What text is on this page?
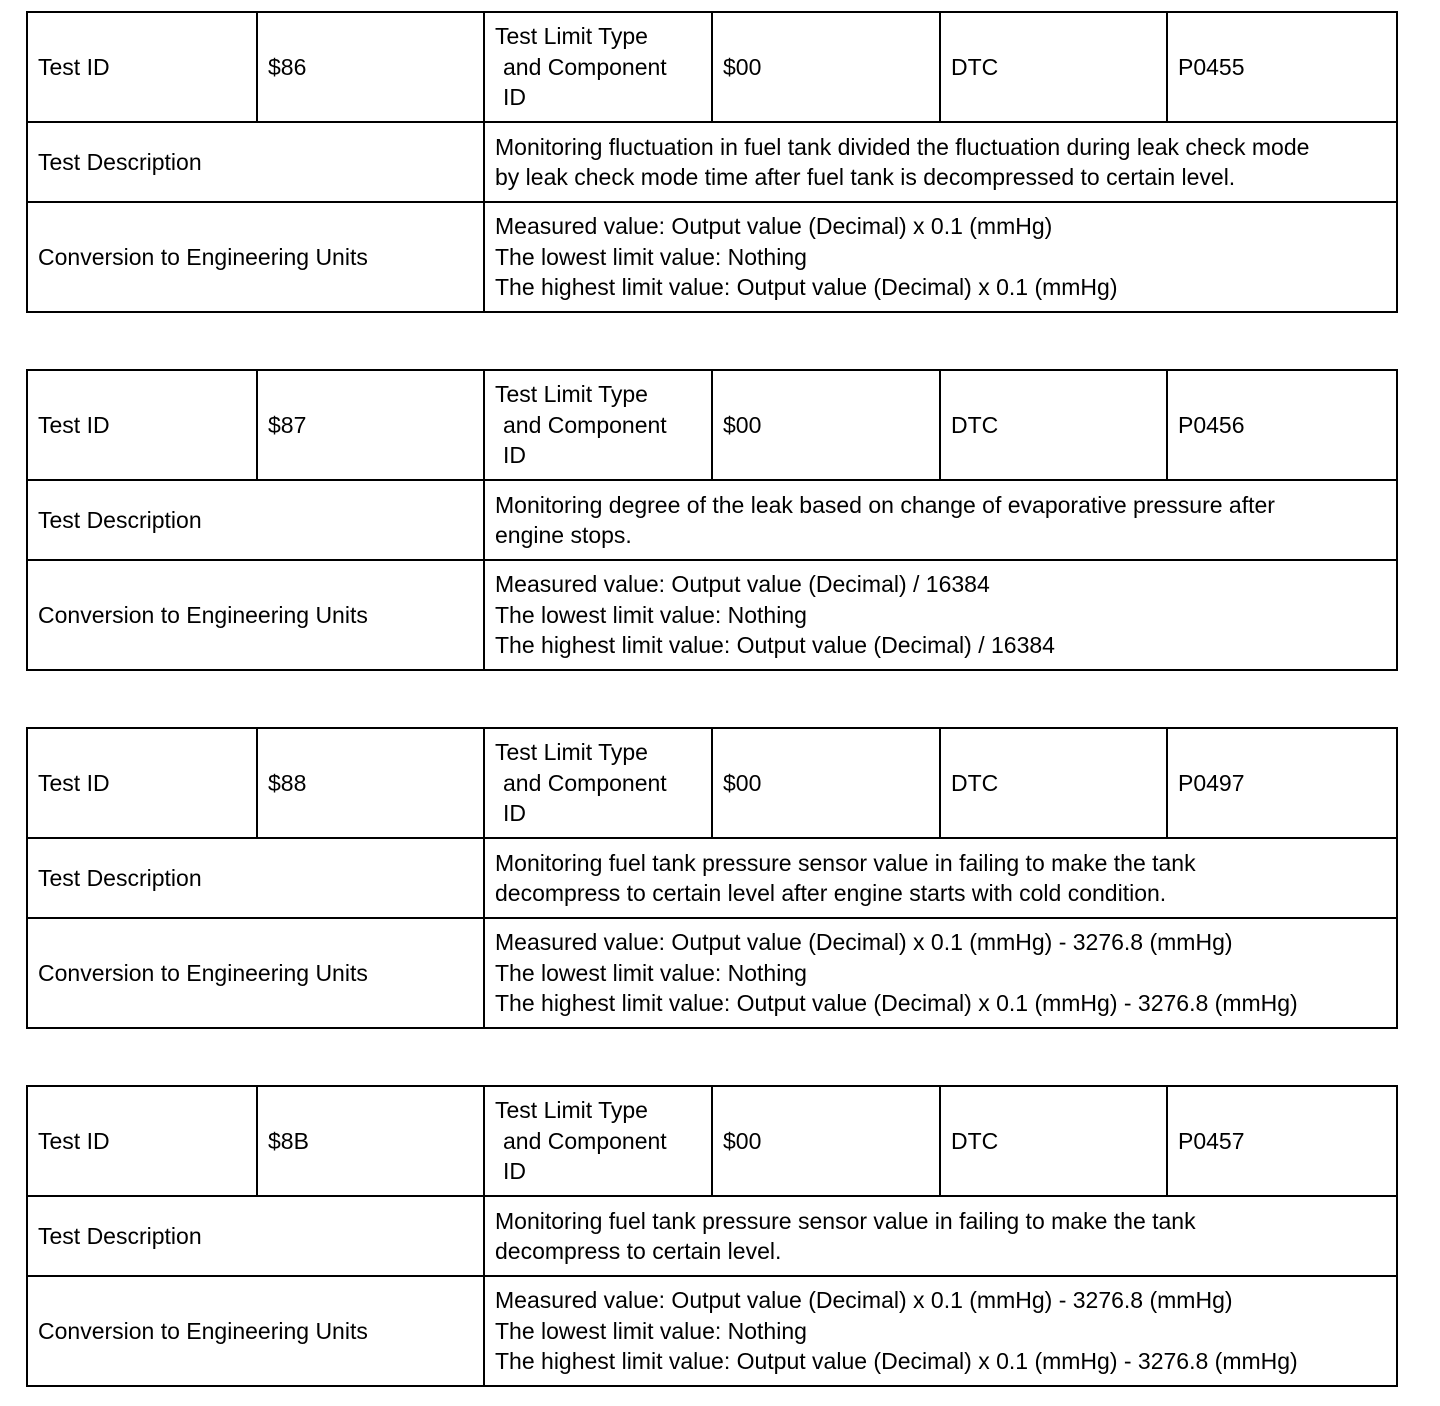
Test ID	$86	Test Limit Type
and Component
ID	$00	DTC	P0455
Test Description		Monitoring fluctuation in fuel tank divided the fluctuation during leak check mode
by leak check mode time after fuel tank is decompressed to certain level.			

Conversion to Engineering Units		Measured value: Output value (Decimal) x 0.1 (mmHg)
The lowest limit value: Nothing
The highest limit value: Output value (Decimal) x 0.1 (mmHg)			
Test ID	$87	Test Limit Type
and Component
ID	$00	DTC	P0456
Test Description		Monitoring degree of the leak based on change of evaporative pressure after
engine stops.			

Conversion to Engineering Units		Measured value: Output value (Decimal) / 16384
The lowest limit value: Nothing
The highest limit value: Output value (Decimal) / 16384			
Test ID	$88	Test Limit Type
and Component
ID	$00	DTC	P0497
Test Description		Monitoring fuel tank pressure sensor value in failing to make the tank
decompress to certain level after engine starts with cold condition.			

Conversion to Engineering Units		Measured value: Output value (Decimal) x 0.1 (mmHg) - 3276.8 (mmHg)
The lowest limit value: Nothing
The highest limit value: Output value (Decimal) x 0.1 (mmHg) - 3276.8 (mmHg)			
Test ID	$8B	Test Limit Type
and Component
ID	$00	DTC	P0457
Test Description		Monitoring fuel tank pressure sensor value in failing to make the tank
decompress to certain level.			

Conversion to Engineering Units		Measured value: Output value (Decimal) x 0.1 (mmHg) - 3276.8 (mmHg)
The lowest limit value: Nothing
The highest limit value: Output value (Decimal) x 0.1 (mmHg) - 3276.8 (mmHg)			
